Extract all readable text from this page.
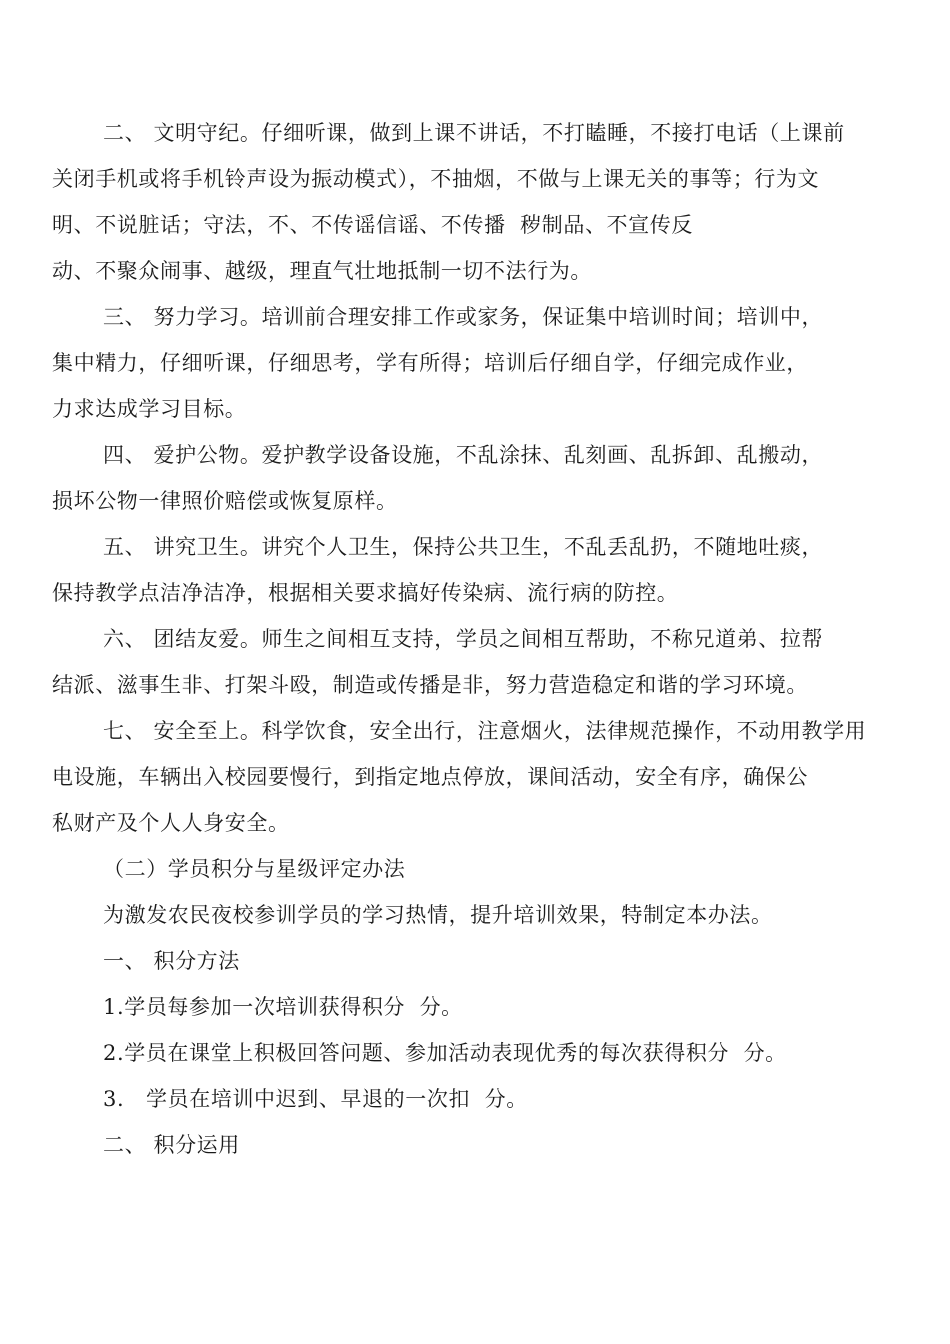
二、 文明守纪。仔细听课，做到上课不讲话，不打瞌睡，不接打电话（上课前
关闭手机或将手机铃声设为振动模式），不抽烟，不做与上课无关的事等；行为文
明、不说脏话；守法，不、不传谣信谣、不传播  秽制品、不宣传反
动、不聚众闹事、越级，理直气壮地抵制一切不法行为。
三、 努力学习。培训前合理安排工作或家务，保证集中培训时间；培训中，
集中精力，仔细听课，仔细思考，学有所得；培训后仔细自学，仔细完成作业，
力求达成学习目标。
四、 爱护公物。爱护教学设备设施，不乱涂抹、乱刻画、乱拆卸、乱搬动，
损坏公物一律照价赔偿或恢复原样。
五、 讲究卫生。讲究个人卫生，保持公共卫生，不乱丢乱扔，不随地吐痰，
保持教学点洁净洁净，根据相关要求搞好传染病、流行病的防控。
六、 团结友爱。师生之间相互支持，学员之间相互帮助，不称兄道弟、拉帮
结派、滋事生非、打架斗殴，制造或传播是非，努力营造稳定和谐的学习环境。
七、 安全至上。科学饮食，安全出行，注意烟火，法律规范操作，不动用教学用
电设施，车辆出入校园要慢行，到指定地点停放，课间活动，安全有序，确保公
私财产及个人人身安全。
（二）学员积分与星级评定办法
为激发农民夜校参训学员的学习热情，提升培训效果，特制定本办法。
一、 积分方法
1.学员每参加一次培训获得积分  分。
2.学员在课堂上积极回答问题、参加活动表现优秀的每次获得积分  分。
3.   学员在培训中迟到、早退的一次扣  分。
二、 积分运用
